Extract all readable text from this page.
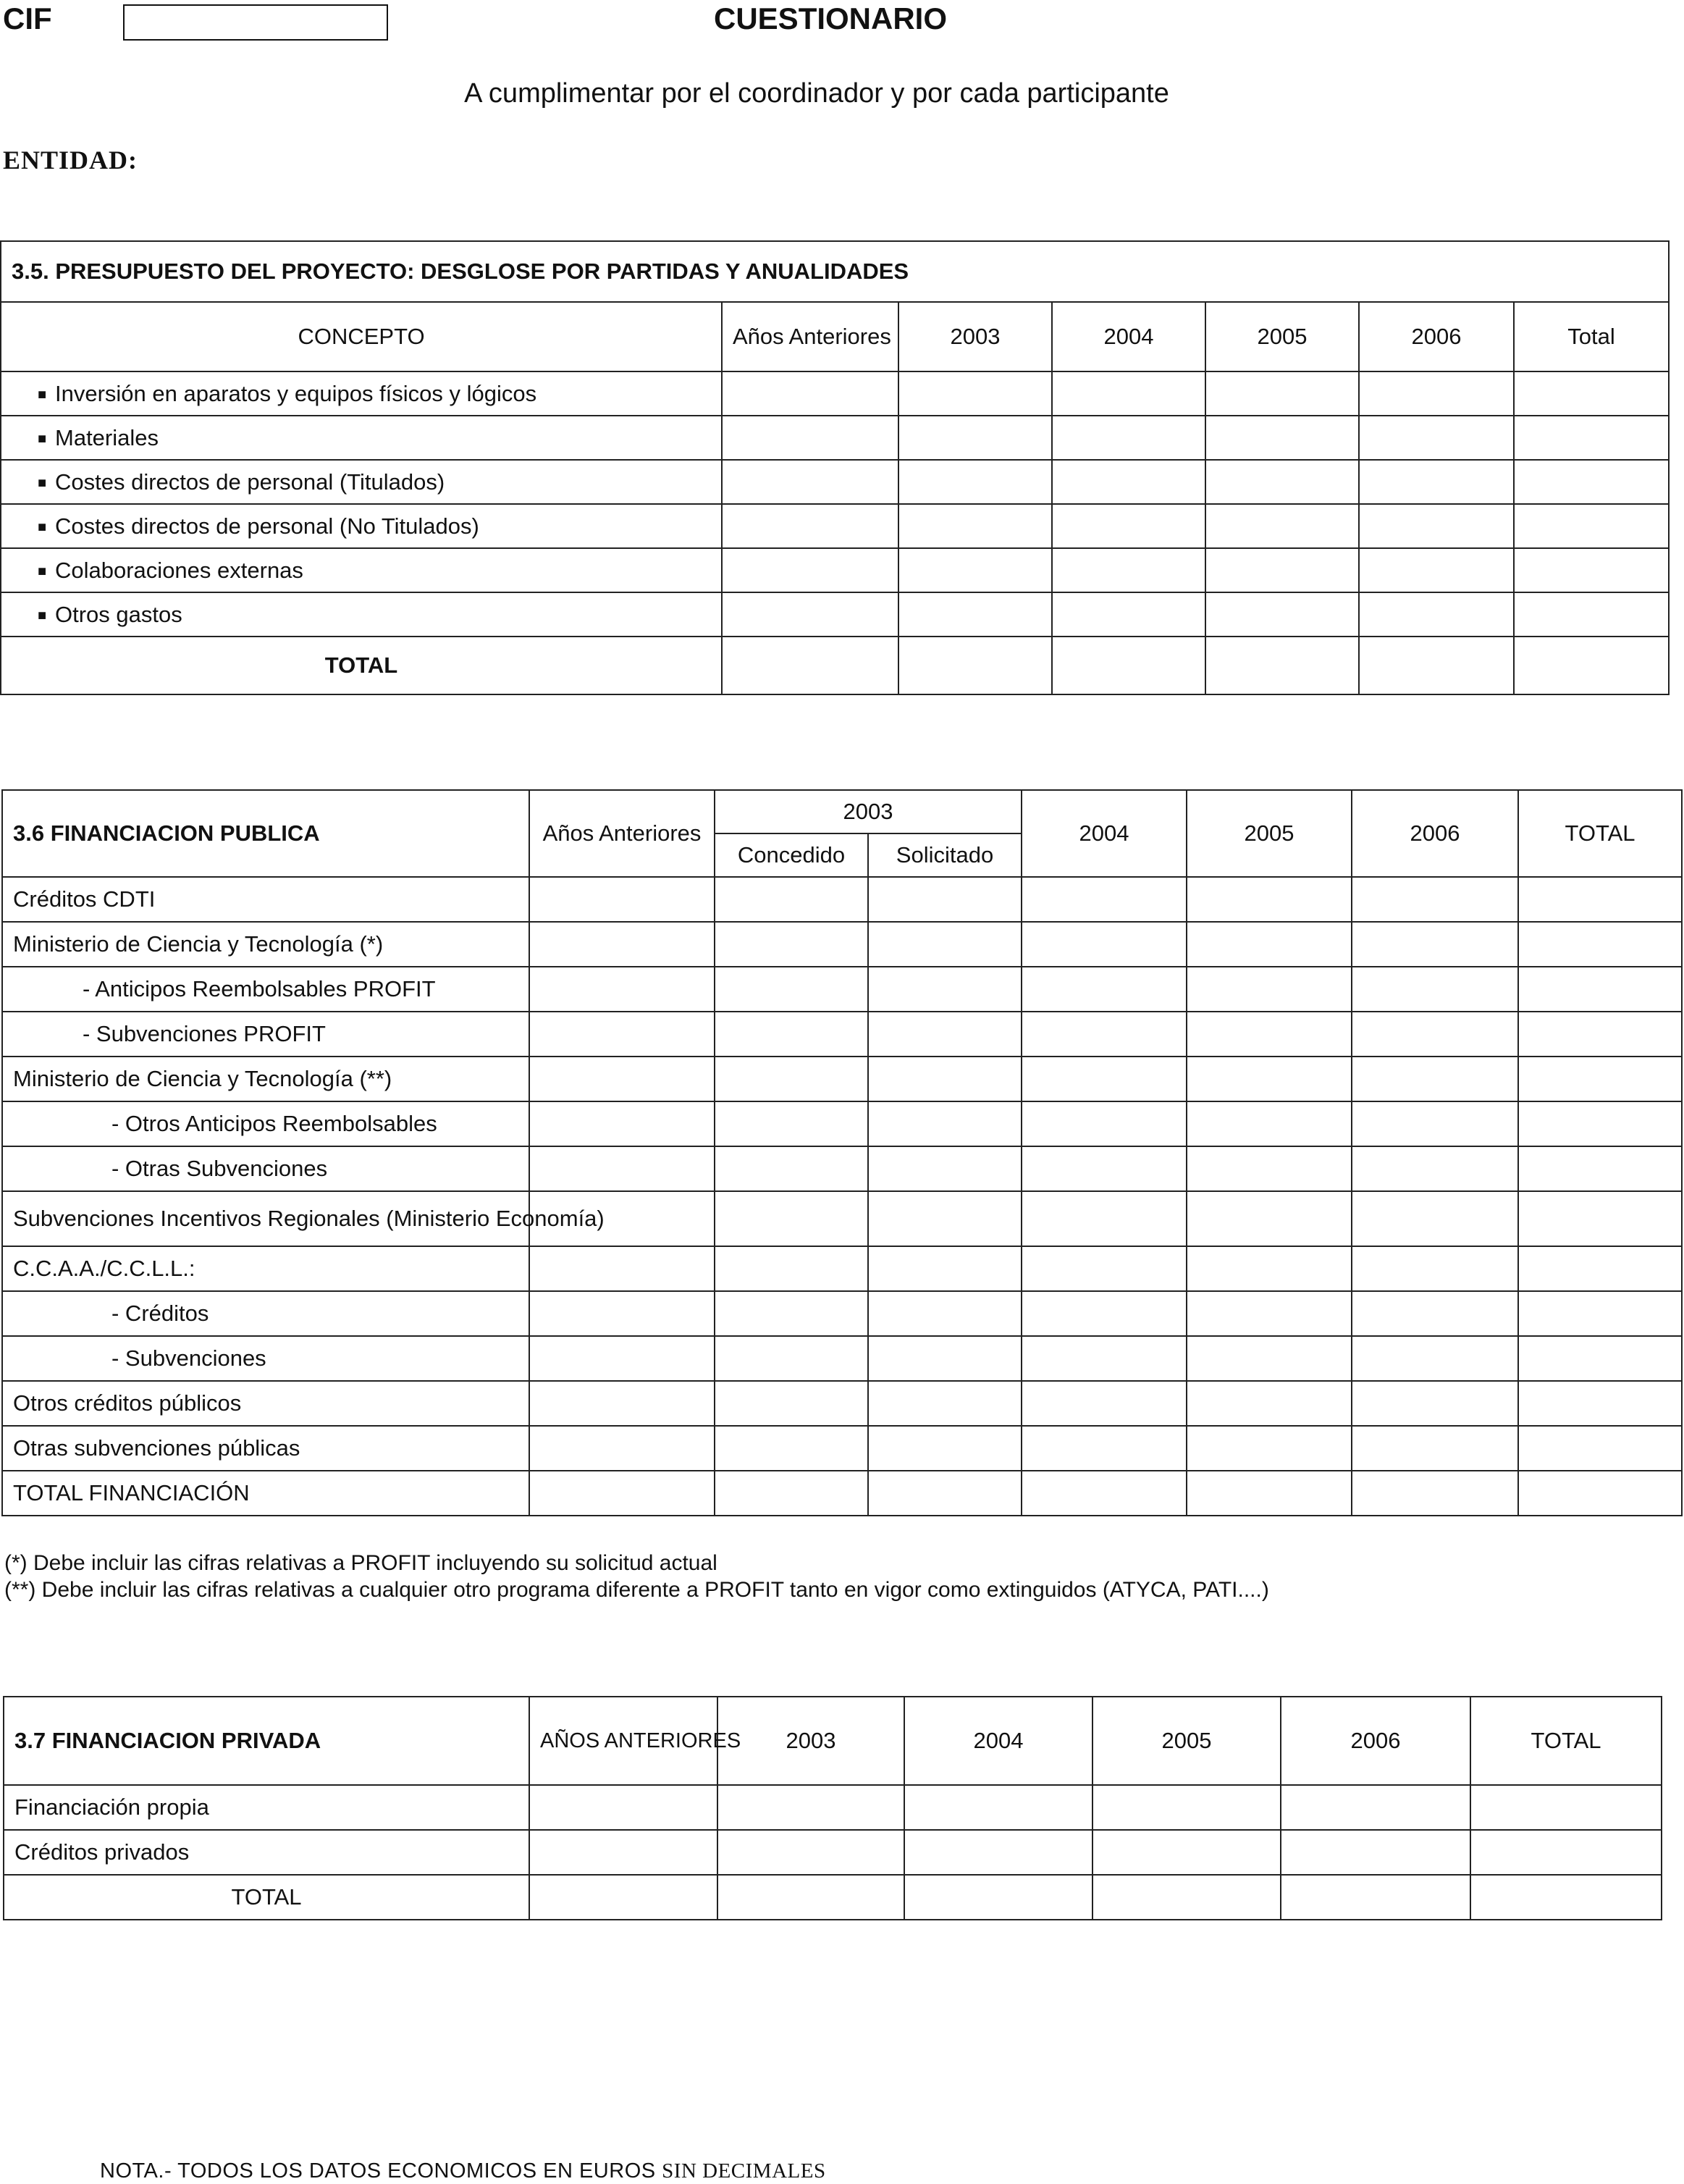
CIF	CUESTIONARIO
A cumplimentar por el coordinador y por cada participante
ENTIDAD:
3.5. PRESUPUESTO DEL PROYECTO: DESGLOSE POR PARTIDAS Y ANUALIDADES						
CONCEPTO	Años Anteriores	2003	2004	2005	2006	Total
■ Inversión en aparatos y equipos físicos y lógicos						
■ Materiales						
■ Costes directos de personal (Titulados)						
■ Costes directos de personal (No Titulados)						
■ Colaboraciones externas						
■ Otros gastos						
TOTAL						
3.6 FINANCIACION PUBLICA	Años Anteriores	2003		2004	2005	2006	TOTAL
		Concedido	Solicitado				
Créditos CDTI							
Ministerio de Ciencia y Tecnología (*)							
- Anticipos Reembolsables PROFIT							
- Subvenciones PROFIT							
Ministerio de Ciencia y Tecnología (**)							
- Otros Anticipos Reembolsables							
- Otras Subvenciones							
Subvenciones Incentivos Regionales (Ministerio Economía)							
C.C.A.A./C.C.L.L.:							
- Créditos							
- Subvenciones							
Otros créditos públicos							
Otras subvenciones públicas							
TOTAL FINANCIACIÓN							
(*) Debe incluir las cifras relativas a PROFIT incluyendo su solicitud actual
(**) Debe incluir las cifras relativas a cualquier otro programa diferente a PROFIT tanto en vigor como extinguidos (ATYCA, PATI....)
3.7 FINANCIACION PRIVADA	AÑOS ANTERIORES	2003	2004	2005	2006	TOTAL
Financiación propia						
Créditos privados						
TOTAL						
NOTA.- TODOS LOS DATOS ECONOMICOS EN EUROS SIN DECIMALES
